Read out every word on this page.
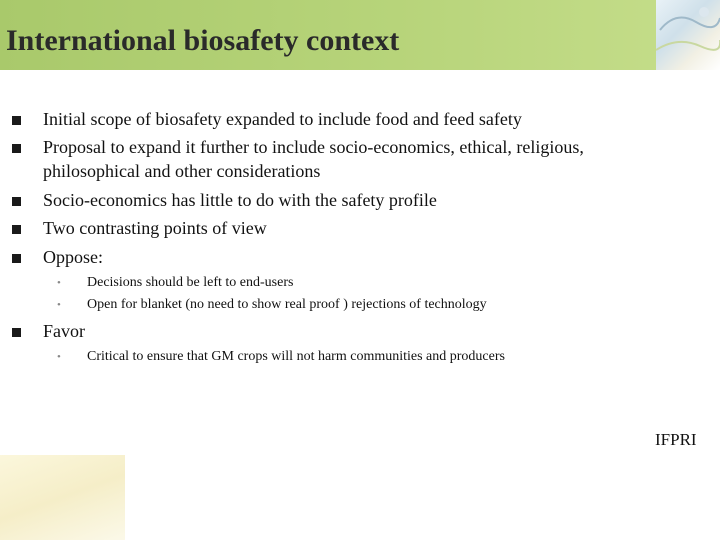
International biosafety context
Initial scope of biosafety expanded to include food and feed safety
Proposal to expand it further to include socio-economics, ethical, religious,
philosophical and other considerations
Socio-economics has little to do with the safety profile
Two contrasting points of view
Oppose:
• Decisions should be left to end-users
• Open for blanket (no need to show real proof ) rejections of technology
Favor
• Critical to ensure that GM crops will not harm communities and producers
IFPRI
